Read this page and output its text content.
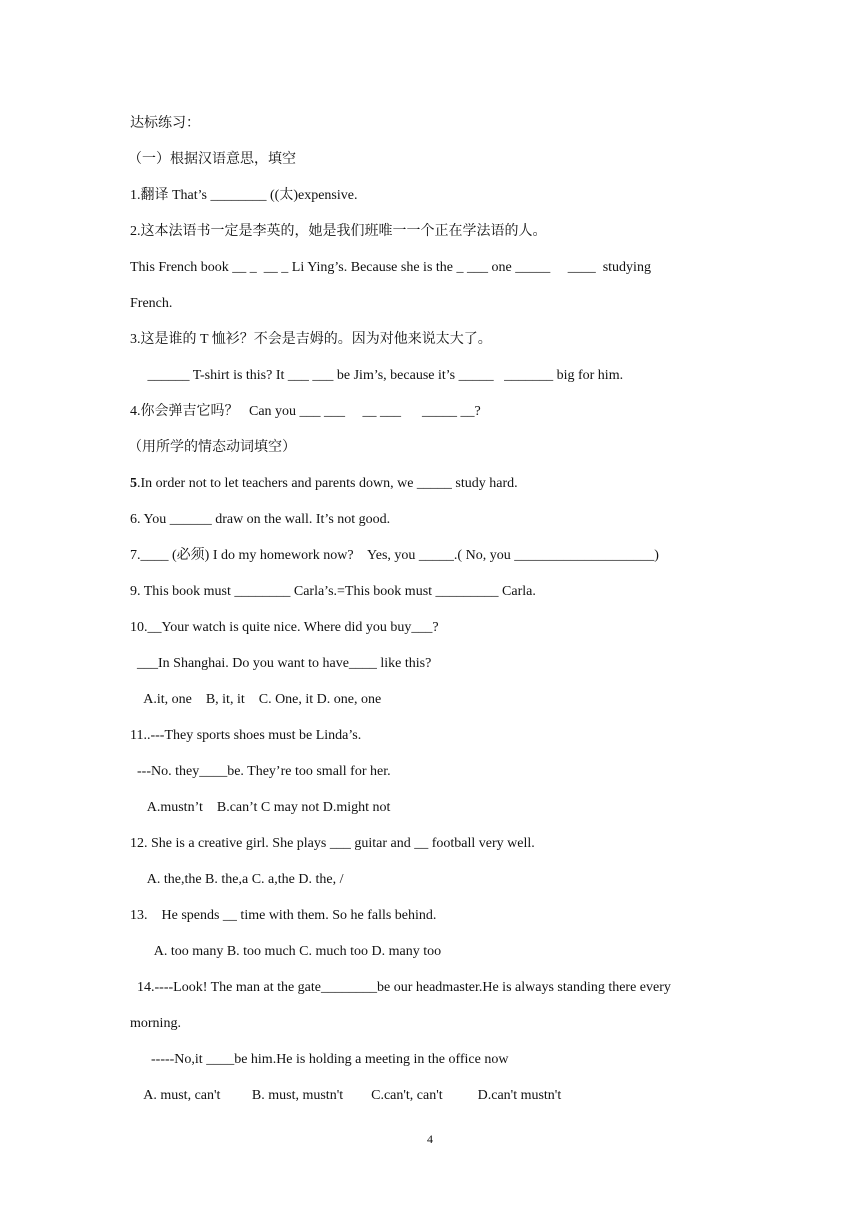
达标练习：

（一）根据汉语意思，填空

1.翻译 That’s ________ ((太)expensive.

2.这本法语书一定是李英的，她是我们班唯一一个正在学法语的人。

This French book __ _  __ _ Li Ying’s. Because she is the _ ___ one _____     ____  studying

French.

3.这是谁的 T 恤衫？不会是吉姆的。因为对他来说太大了。

______ T-shirt is this? It ___ ___ be Jim’s, because it’s _____   _______ big for him.

4.你会弹吉它吗？   Can you ___ ___     __ ___      _____ __?

（用所学的情态动词填空）

5.In order not to let teachers and parents down, we _____ study hard.

6. You ______ draw on the wall. It’s not good.

7.____ (必须) I do my homework now?    Yes, you _____.( No, you ____________________)

9. This book must ________ Carla’s.=This book must _________ Carla.

10.__Your watch is quite nice. Where did you buy___?

___In Shanghai. Do you want to have____ like this?

A.it, one    B, it, it    C. One, it D. one, one

11..---They sports shoes must be Linda’s.

---No. they____be. They’re too small for her.

A.mustn’t    B.can’t C may not D.might not

12. She is a creative girl. She plays ___ guitar and __ football very well.

A. the,the B. the,a C. a,the D. the, /

13.    He spends __ time with them. So he falls behind.

A. too many B. too much C. much too D. many too

14.----Look! The man at the gate________be our headmaster.He is always standing there every

morning.

-----No,it ____be him.He is holding a meeting in the office now

A. must, can't         B. must, mustn't        C.can't, can't          D.can't mustn't

4
